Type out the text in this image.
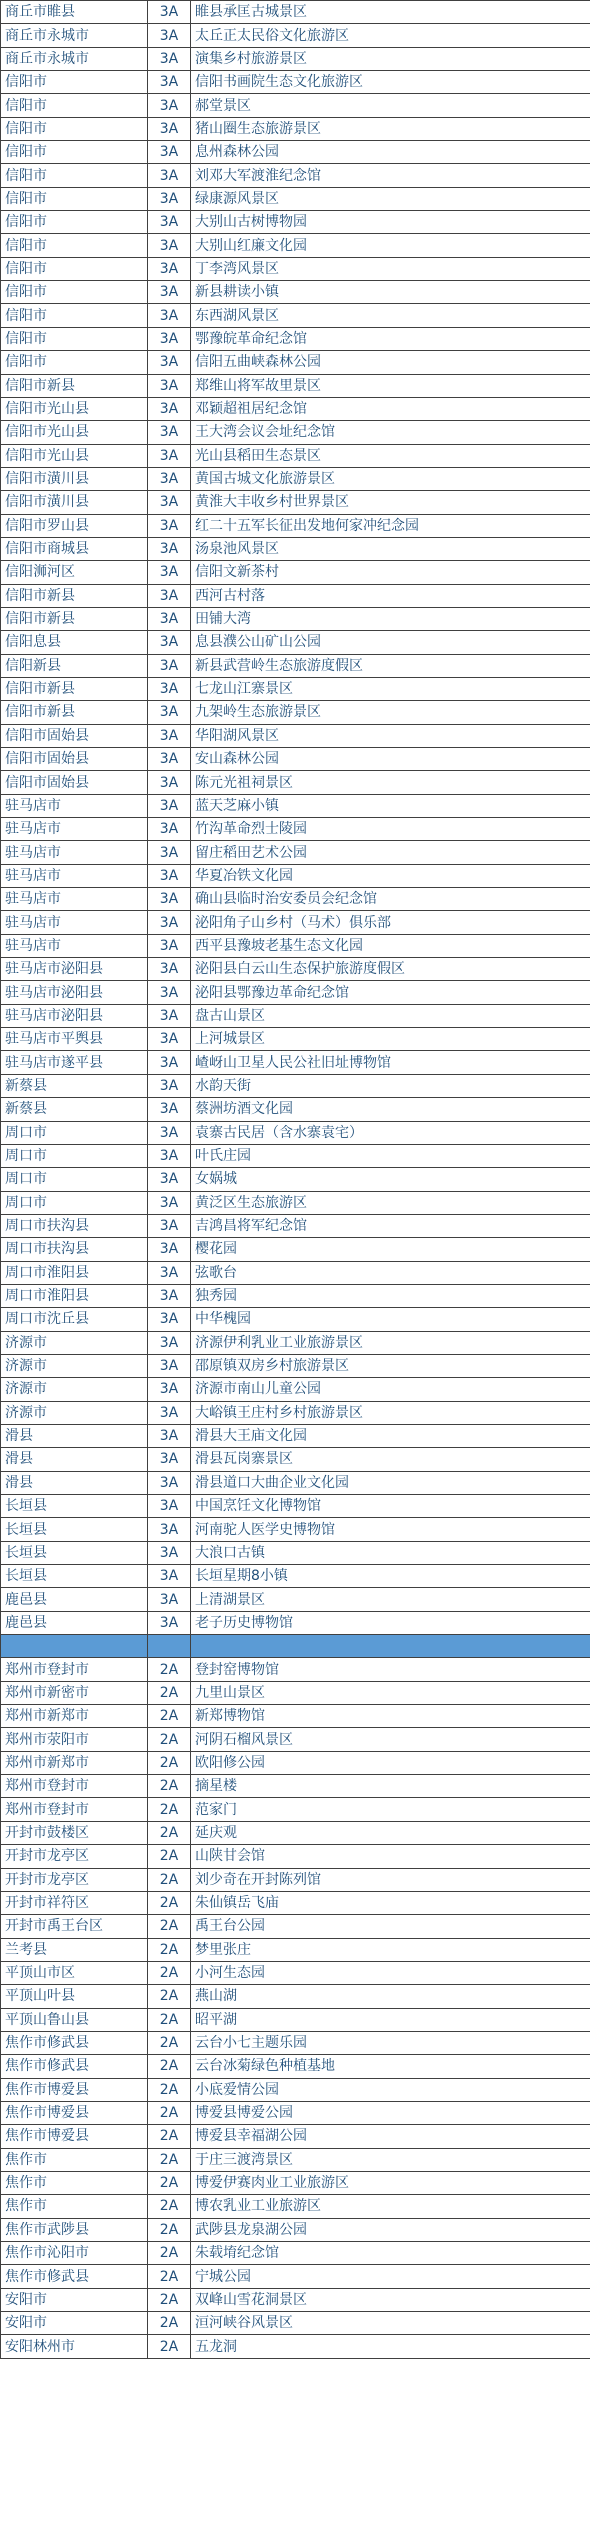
商丘市睢县	3A	睢县承匡古城景区
商丘市永城市	3A	太丘正太民俗文化旅游区
商丘市永城市	3A	演集乡村旅游景区
信阳市	3A	信阳书画院生态文化旅游区
信阳市	3A	郝堂景区
信阳市	3A	猪山圈生态旅游景区
信阳市	3A	息州森林公园
信阳市	3A	刘邓大军渡淮纪念馆
信阳市	3A	绿康源风景区
信阳市	3A	大别山古树博物园
信阳市	3A	大别山红廉文化园
信阳市	3A	丁李湾风景区
信阳市	3A	新县耕读小镇
信阳市	3A	东西湖风景区
信阳市	3A	鄂豫皖革命纪念馆
信阳市	3A	信阳五曲峡森林公园
信阳市新县	3A	郑维山将军故里景区
信阳市光山县	3A	邓颖超祖居纪念馆
信阳市光山县	3A	王大湾会议会址纪念馆
信阳市光山县	3A	光山县稻田生态景区
信阳市潢川县	3A	黄国古城文化旅游景区
信阳市潢川县	3A	黄淮大丰收乡村世界景区
信阳市罗山县	3A	红二十五军长征出发地何家冲纪念园
信阳市商城县	3A	汤泉池风景区
信阳浉河区	3A	信阳文新茶村
信阳市新县	3A	西河古村落
信阳市新县	3A	田铺大湾
信阳息县	3A	息县濮公山矿山公园
信阳新县	3A	新县武营岭生态旅游度假区
信阳市新县	3A	七龙山江寨景区
信阳市新县	3A	九架岭生态旅游景区
信阳市固始县	3A	华阳湖风景区
信阳市固始县	3A	安山森林公园
信阳市固始县	3A	陈元光祖祠景区
驻马店市	3A	蓝天芝麻小镇
驻马店市	3A	竹沟革命烈士陵园
驻马店市	3A	留庄稻田艺术公园
驻马店市	3A	华夏冶铁文化园
驻马店市	3A	确山县临时治安委员会纪念馆
驻马店市	3A	泌阳角子山乡村（马术）俱乐部
驻马店市	3A	西平县豫坡老基生态文化园
驻马店市泌阳县	3A	泌阳县白云山生态保护旅游度假区
驻马店市泌阳县	3A	泌阳县鄂豫边革命纪念馆
驻马店市泌阳县	3A	盘古山景区
驻马店市平舆县	3A	上河城景区
驻马店市遂平县	3A	嵖岈山卫星人民公社旧址博物馆
新蔡县	3A	水韵天街
新蔡县	3A	蔡洲坊酒文化园
周口市	3A	袁寨古民居（含水寨袁宅）
周口市	3A	叶氏庄园
周口市	3A	女娲城
周口市	3A	黄泛区生态旅游区
周口市扶沟县	3A	吉鸿昌将军纪念馆
周口市扶沟县	3A	樱花园
周口市淮阳县	3A	弦歌台
周口市淮阳县	3A	独秀园
周口市沈丘县	3A	中华槐园
济源市	3A	济源伊利乳业工业旅游景区
济源市	3A	邵原镇双房乡村旅游景区
济源市	3A	济源市南山儿童公园
济源市	3A	大峪镇王庄村乡村旅游景区
滑县	3A	滑县大王庙文化园
滑县	3A	滑县瓦岗寨景区
滑县	3A	滑县道口大曲企业文化园
长垣县	3A	中国烹饪文化博物馆
长垣县	3A	河南驼人医学史博物馆
长垣县	3A	大浪口古镇
长垣县	3A	长垣星期8小镇
鹿邑县	3A	上清湖景区
鹿邑县	3A	老子历史博物馆

郑州市登封市	2A	登封窑博物馆
郑州市新密市	2A	九里山景区
郑州市新郑市	2A	新郑博物馆
郑州市荥阳市	2A	河阴石榴风景区
郑州市新郑市	2A	欧阳修公园
郑州市登封市	2A	摘星楼
郑州市登封市	2A	范家门
开封市鼓楼区	2A	延庆观
开封市龙亭区	2A	山陕甘会馆
开封市龙亭区	2A	刘少奇在开封陈列馆
开封市祥符区	2A	朱仙镇岳飞庙
开封市禹王台区	2A	禹王台公园
兰考县	2A	梦里张庄
平顶山市区	2A	小河生态园
平顶山叶县	2A	燕山湖
平顶山鲁山县	2A	昭平湖
焦作市修武县	2A	云台小七主题乐园
焦作市修武县	2A	云台冰菊绿色种植基地
焦作市博爱县	2A	小底爱情公园
焦作市博爱县	2A	博爱县博爱公园
焦作市博爱县	2A	博爱县幸福湖公园
焦作市	2A	于庄三渡湾景区
焦作市	2A	博爱伊赛肉业工业旅游区
焦作市	2A	博农乳业工业旅游区
焦作市武陟县	2A	武陟县龙泉湖公园
焦作市沁阳市	2A	朱载堉纪念馆
焦作市修武县	2A	宁城公园
安阳市	2A	双峰山雪花洞景区
安阳市	2A	洹河峡谷风景区
安阳林州市	2A	五龙洞
